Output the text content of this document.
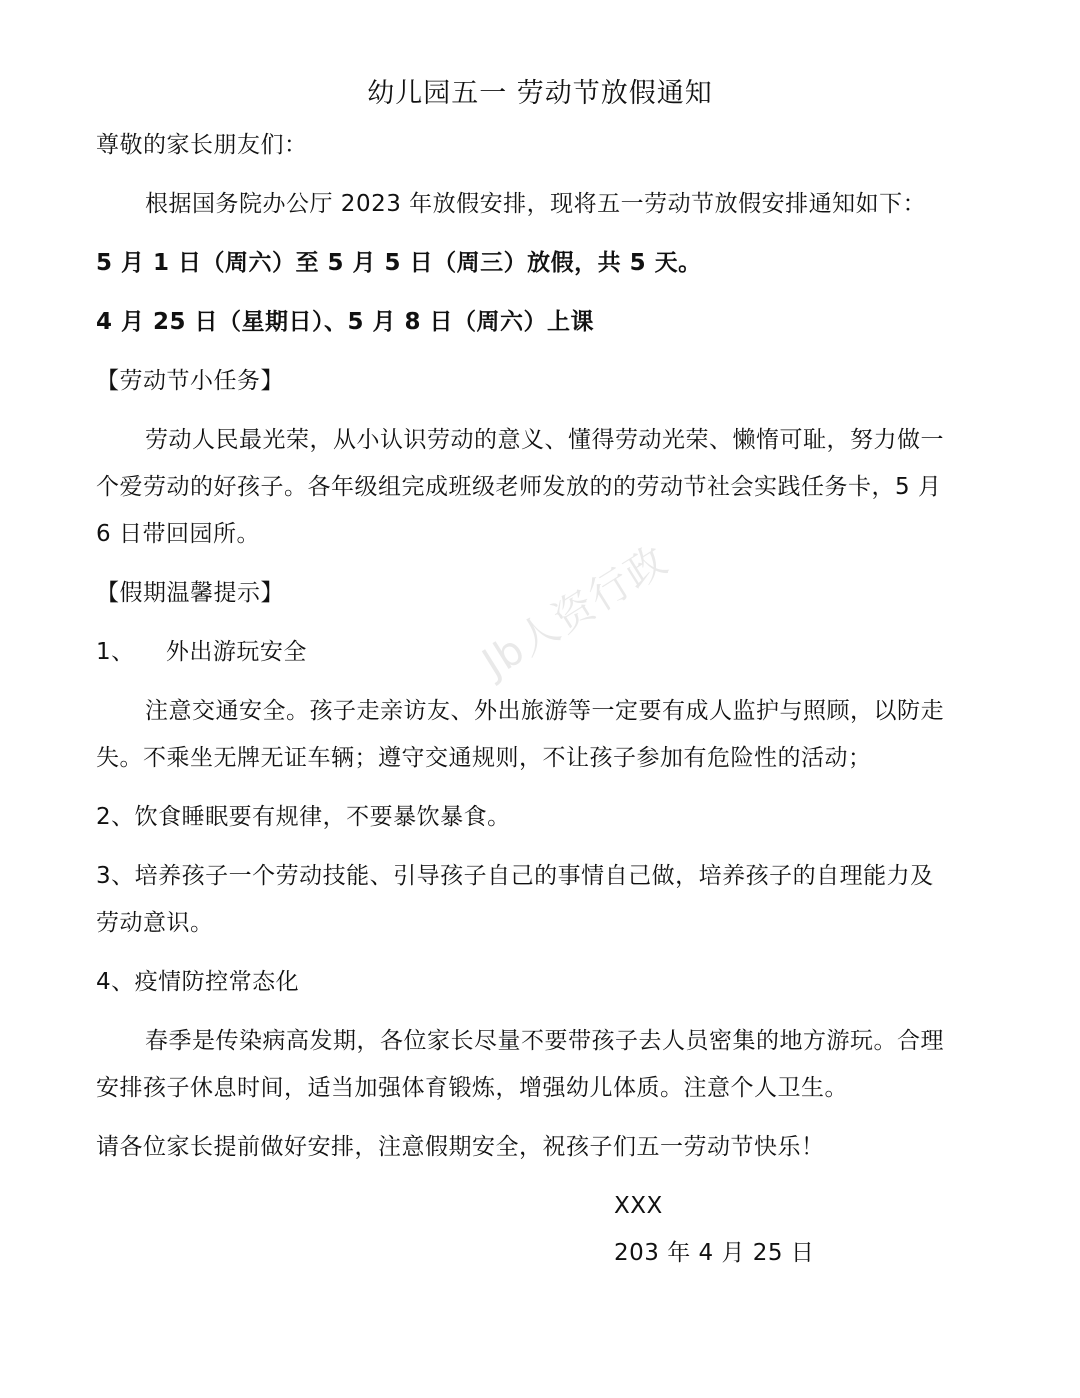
Jb人资行政
幼儿园五一 劳动节放假通知
尊敬的家长朋友们：
根据国务院办公厅 2023 年放假安排，现将五一劳动节放假安排通知如下：
5 月 1 日（周六）至 5 月 5 日（周三）放假，共 5 天。
4 月 25 日（星期日）、5 月 8 日（周六）上课
【劳动节小任务】
劳动人民最光荣，从小认识劳动的意义、懂得劳动光荣、懒惰可耻，努力做一
个爱劳动的好孩子。各年级组完成班级老师发放的的劳动节社会实践任务卡，5 月
6 日带回园所。
【假期温馨提示】
1、    外出游玩安全
注意交通安全。孩子走亲访友、外出旅游等一定要有成人监护与照顾，以防走
失。不乘坐无牌无证车辆；遵守交通规则，不让孩子参加有危险性的活动；
2、饮食睡眠要有规律，不要暴饮暴食。
3、培养孩子一个劳动技能、引导孩子自己的事情自己做，培养孩子的自理能力及
劳动意识。
4、疫情防控常态化
春季是传染病高发期，各位家长尽量不要带孩子去人员密集的地方游玩。合理
安排孩子休息时间，适当加强体育锻炼，增强幼儿体质。注意个人卫生。
请各位家长提前做好安排，注意假期安全，祝孩子们五一劳动节快乐！
XXX
203 年 4 月 25 日
